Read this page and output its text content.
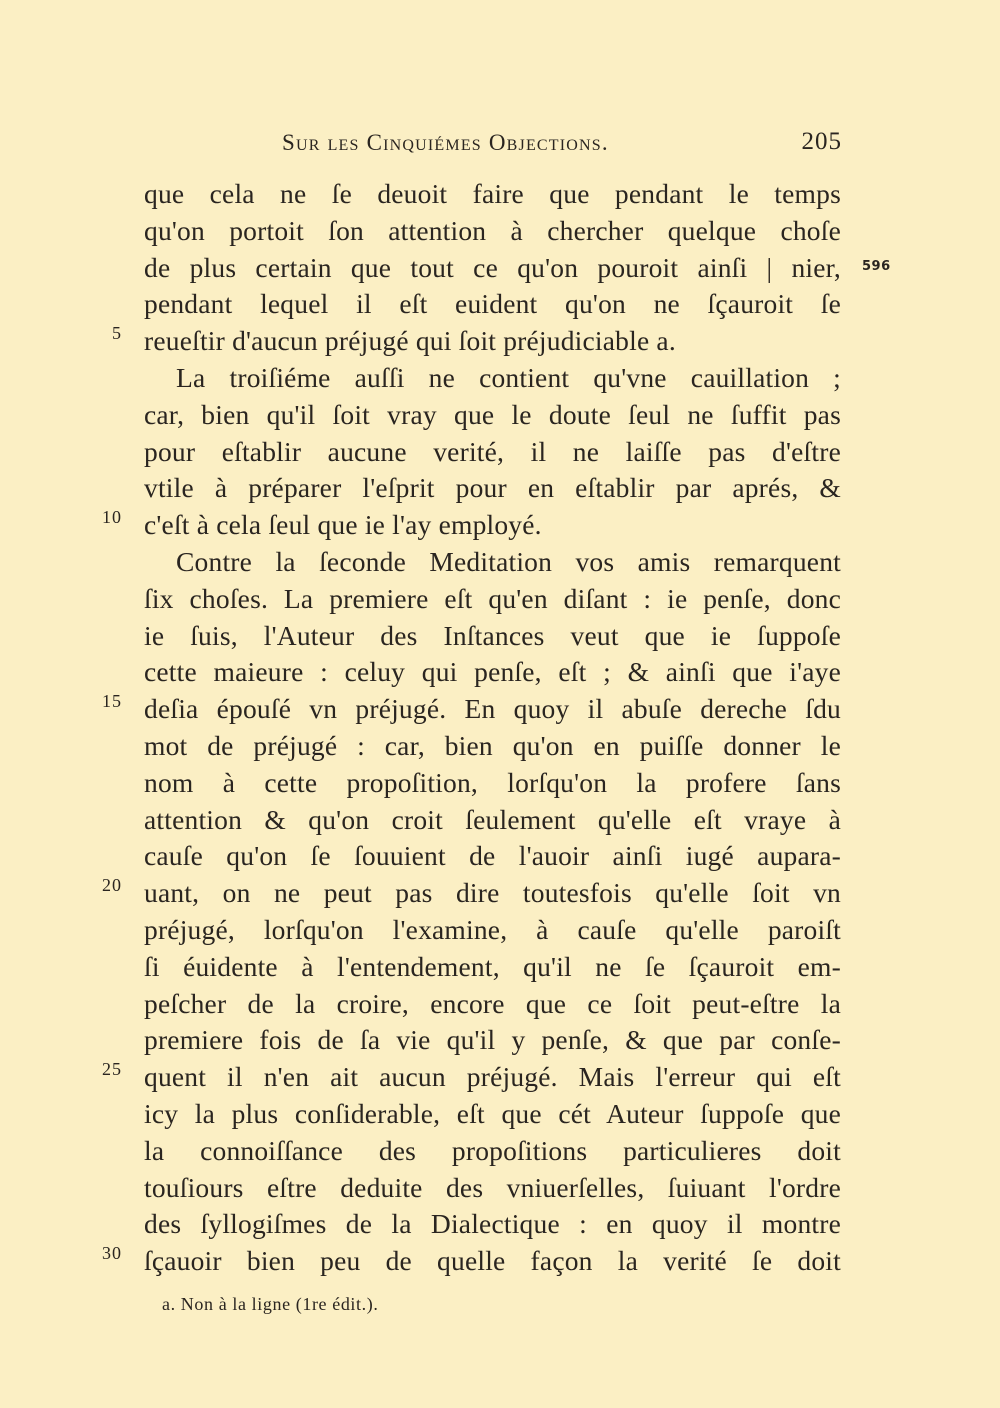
Sur les Cinquiémes Objections.	205
596
que cela ne ſe deuoit faire que pendant le temps
qu'on portoit ſon attention à chercher quelque choſe
de plus certain que tout ce qu'on pouroit ainſi | nier,
pendant lequel il eſt euident qu'on ne ſçauroit ſe
reueſtir d'aucun préjugé qui ſoit préjudiciable a.
La troiſiéme auſſi ne contient qu'vne cauillation ;
car, bien qu'il ſoit vray que le doute ſeul ne ſuffit pas
pour eſtablir aucune verité, il ne laiſſe pas d'eſtre
vtile à préparer l'eſprit pour en eſtablir par aprés, &
c'eſt à cela ſeul que ie l'ay employé.
Contre la ſeconde Meditation vos amis remarquent
ſix choſes. La premiere eſt qu'en diſant : ie penſe, donc
ie ſuis, l'Auteur des Inſtances veut que ie ſuppoſe
cette maieure : celuy qui penſe, eſt ; & ainſi que i'aye
deſia épouſé vn préjugé. En quoy il abuſe dereche ſdu
mot de préjugé : car, bien qu'on en puiſſe donner le
nom à cette propoſition, lorſqu'on la profere ſans
attention & qu'on croit ſeulement qu'elle eſt vraye à
cauſe qu'on ſe ſouuient de l'auoir ainſi iugé aupara-
uant, on ne peut pas dire toutesfois qu'elle ſoit vn
préjugé, lorſqu'on l'examine, à cauſe qu'elle paroiſt
ſi éuidente à l'entendement, qu'il ne ſe ſçauroit em-
peſcher de la croire, encore que ce ſoit peut-eſtre la
premiere fois de ſa vie qu'il y penſe, & que par conſe-
quent il n'en ait aucun préjugé. Mais l'erreur qui eſt
icy la plus conſiderable, eſt que cét Auteur ſuppoſe que
la connoiſſance des propoſitions particulieres doit
touſiours eſtre deduite des vniuerſelles, ſuiuant l'ordre
des ſyllogiſmes de la Dialectique : en quoy il montre
ſçauoir bien peu de quelle façon la verité ſe doit
5
10
15
20
25
30
a. Non à la ligne (1re édit.).
